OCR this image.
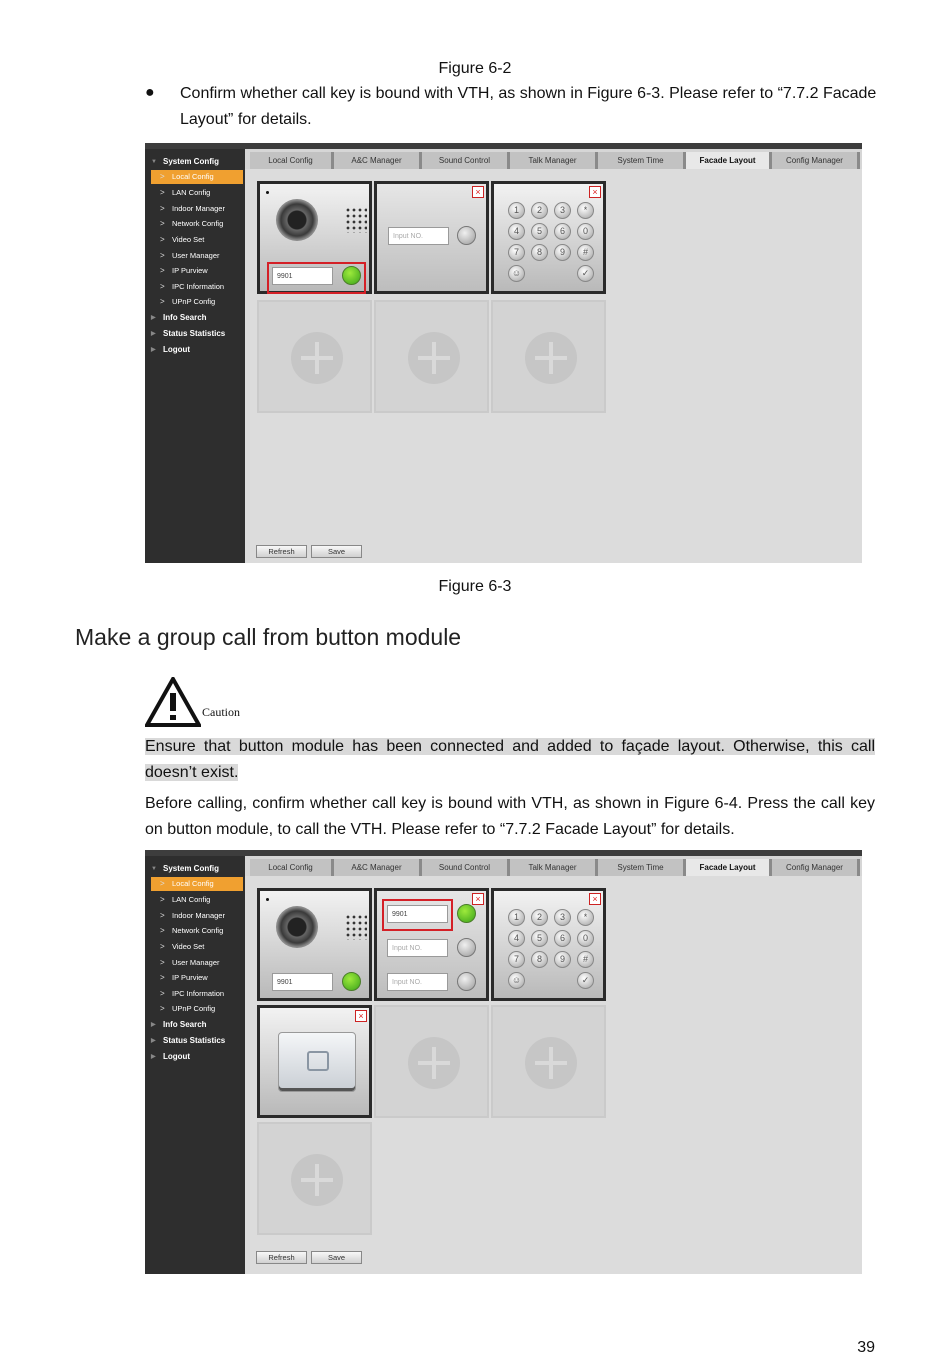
Figure 6-2
● Confirm whether call key is bound with VTH, as shown in Figure 6-3. Please refer to “7.7.2 Facade Layout” for details.
▼ System Config
> Local Config
> LAN Config
> Indoor Manager
> Network Config
> Video Set
> User Manager
> IP Purview
> IPC Information
> UPnP Config
▶ Info Search
▶ Status Statistics
▶ Logout
Local Config	A&C Manager	Sound Control	Talk Manager	System Time	Facade Layout	Config Manager
9901
×
Input NO.
×
1	2	3	*
4	5	6	0
7	8	9	#
☺	✓
Refresh	Save
Figure 6-3
Make a group call from button module
Caution
Ensure that button module has been connected and added to façade layout. Otherwise, this call doesn’t exist.
Before calling, confirm whether call key is bound with VTH, as shown in Figure 6-4. Press the call key on button module, to call the VTH. Please refer to “7.7.2 Facade Layout” for details.
▼ System Config
> Local Config
> LAN Config
> Indoor Manager
> Network Config
> Video Set
> User Manager
> IP Purview
> IPC Information
> UPnP Config
▶ Info Search
▶ Status Statistics
▶ Logout
Local Config	A&C Manager	Sound Control	Talk Manager	System Time	Facade Layout	Config Manager
9901
×
9901
Input NO.
Input NO.
×
1	2	3	*
4	5	6	0
7	8	9	#
☺	✓
×
Refresh	Save
39
